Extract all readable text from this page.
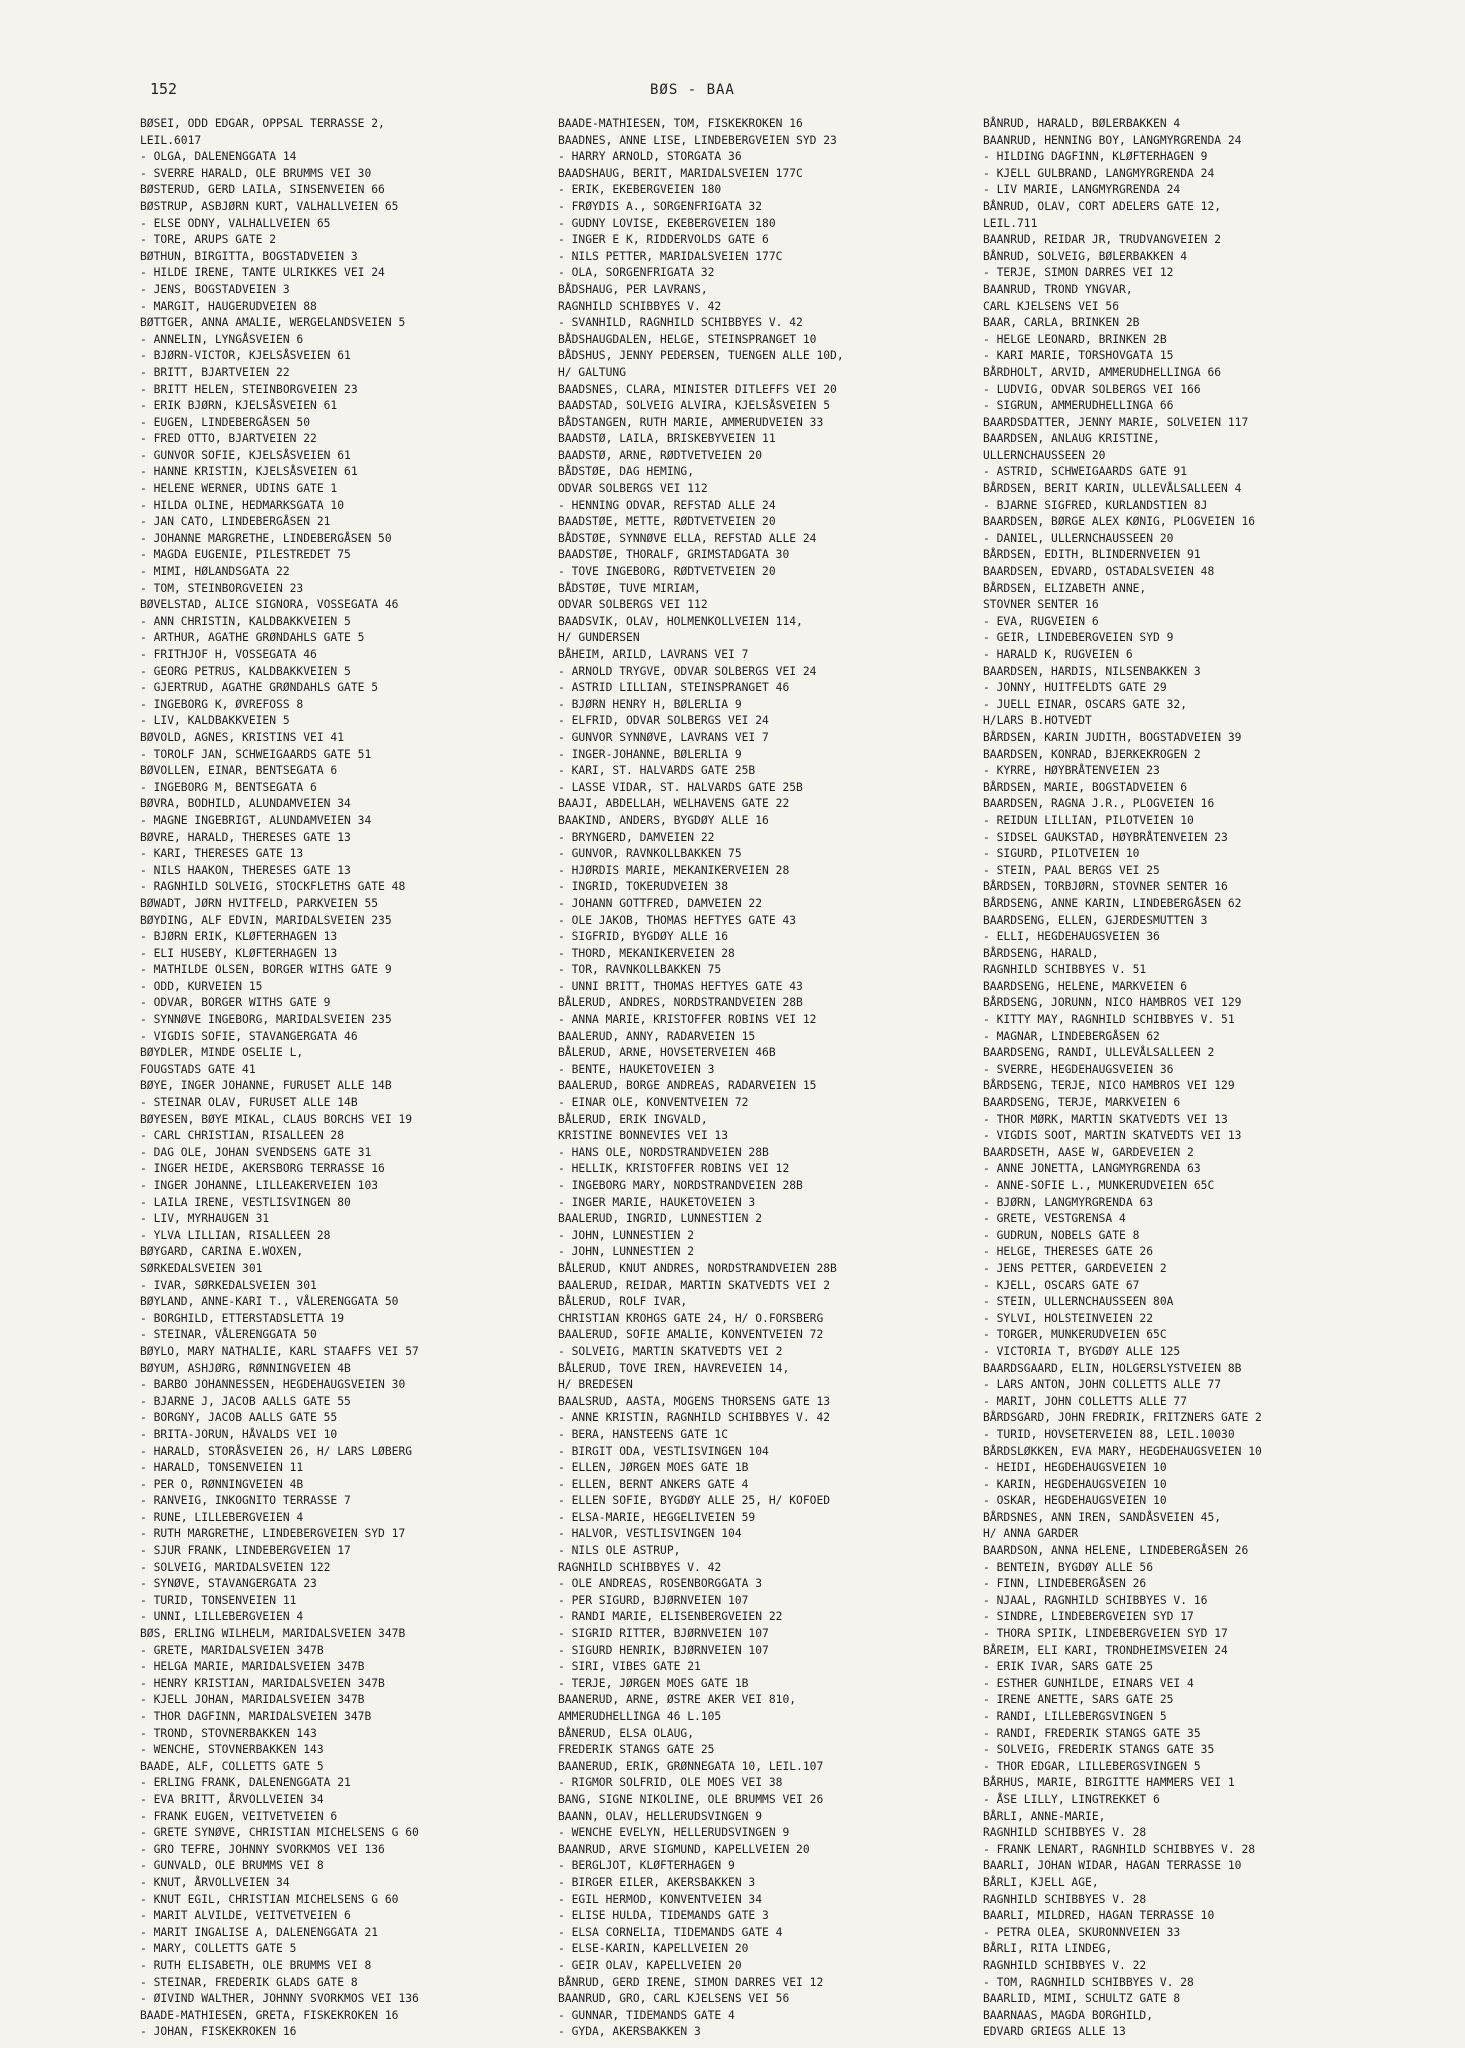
152	BØS - BAA
BØSEI, ODD EDGAR, OPPSAL TERRASSE 2,
LEIL.6017
- OLGA, DALENENGGATA 14
- SVERRE HARALD, OLE BRUMMS VEI 30
BØSTERUD, GERD LAILA, SINSENVEIEN 66
BØSTRUP, ASBJØRN KURT, VALHALLVEIEN 65
- ELSE ODNY, VALHALLVEIEN 65
- TORE, ARUPS GATE 2
BØTHUN, BIRGITTA, BOGSTADVEIEN 3
- HILDE IRENE, TANTE ULRIKKES VEI 24
- JENS, BOGSTADVEIEN 3
- MARGIT, HAUGERUDVEIEN 88
BØTTGER, ANNA AMALIE, WERGELANDSVEIEN 5
- ANNELIN, LYNGÅSVEIEN 6
- BJØRN-VICTOR, KJELSÅSVEIEN 61
- BRITT, BJARTVEIEN 22
- BRITT HELEN, STEINBORGVEIEN 23
- ERIK BJØRN, KJELSÅSVEIEN 61
- EUGEN, LINDEBERGÅSEN 50
- FRED OTTO, BJARTVEIEN 22
- GUNVOR SOFIE, KJELSÅSVEIEN 61
- HANNE KRISTIN, KJELSÅSVEIEN 61
- HELENE WERNER, UDINS GATE 1
- HILDA OLINE, HEDMARKSGATA 10
- JAN CATO, LINDEBERGÅSEN 21
- JOHANNE MARGRETHE, LINDEBERGÅSEN 50
- MAGDA EUGENIE, PILESTREDET 75
- MIMI, HØLANDSGATA 22
- TOM, STEINBORGVEIEN 23
BØVELSTAD, ALICE SIGNORA, VOSSEGATA 46
- ANN CHRISTIN, KALDBAKKVEIEN 5
- ARTHUR, AGATHE GRØNDAHLS GATE 5
- FRITHJOF H, VOSSEGATA 46
- GEORG PETRUS, KALDBAKKVEIEN 5
- GJERTRUD, AGATHE GRØNDAHLS GATE 5
- INGEBORG K, ØVREFOSS 8
- LIV, KALDBAKKVEIEN 5
BØVOLD, AGNES, KRISTINS VEI 41
- TOROLF JAN, SCHWEIGAARDS GATE 51
BØVOLLEN, EINAR, BENTSEGATA 6
- INGEBORG M, BENTSEGATA 6
BØVRA, BODHILD, ALUNDAMVEIEN 34
- MAGNE INGEBRIGT, ALUNDAMVEIEN 34
BØVRE, HARALD, THERESES GATE 13
- KARI, THERESES GATE 13
- NILS HAAKON, THERESES GATE 13
- RAGNHILD SOLVEIG, STOCKFLETHS GATE 48
BØWADT, JØRN HVITFELD, PARKVEIEN 55
BØYDING, ALF EDVIN, MARIDALSVEIEN 235
- BJØRN ERIK, KLØFTERHAGEN 13
- ELI HUSEBY, KLØFTERHAGEN 13
- MATHILDE OLSEN, BORGER WITHS GATE 9
- ODD, KURVEIEN 15
- ODVAR, BORGER WITHS GATE 9
- SYNNØVE INGEBORG, MARIDALSVEIEN 235
- VIGDIS SOFIE, STAVANGERGATA 46
BØYDLER, MINDE OSELIE L,
FOUGSTADS GATE 41
BØYE, INGER JOHANNE, FURUSET ALLE 14B
- STEINAR OLAV, FURUSET ALLE 14B
BØYESEN, BØYE MIKAL, CLAUS BORCHS VEI 19
- CARL CHRISTIAN, RISALLEEN 28
- DAG OLE, JOHAN SVENDSENS GATE 31
- INGER HEIDE, AKERSBORG TERRASSE 16
- INGER JOHANNE, LILLEAKERVEIEN 103
- LAILA IRENE, VESTLISVINGEN 80
- LIV, MYRHAUGEN 31
- YLVA LILLIAN, RISALLEEN 28
BØYGARD, CARINA E.WOXEN,
SØRKEDALSVEIEN 301
- IVAR, SØRKEDALSVEIEN 301
BØYLAND, ANNE-KARI T., VÅLERENGGATA 50
- BORGHILD, ETTERSTADSLETTA 19
- STEINAR, VÅLERENGGATA 50
BØYLO, MARY NATHALIE, KARL STAAFFS VEI 57
BØYUM, ASHJØRG, RØNNINGVEIEN 4B
- BARBO JOHANNESSEN, HEGDEHAUGSVEIEN 30
- BJARNE J, JACOB AALLS GATE 55
- BORGNY, JACOB AALLS GATE 55
- BRITA-JORUN, HÅVALDS VEI 10
- HARALD, STORÅSVEIEN 26, H/ LARS LØBERG
- HARALD, TONSENVEIEN 11
- PER O, RØNNINGVEIEN 4B
- RANVEIG, INKOGNITO TERRASSE 7
- RUNE, LILLEBERGVEIEN 4
- RUTH MARGRETHE, LINDEBERGVEIEN SYD 17
- SJUR FRANK, LINDEBERGVEIEN 17
- SOLVEIG, MARIDALSVEIEN 122
- SYNØVE, STAVANGERGATA 23
- TURID, TONSENVEIEN 11
- UNNI, LILLEBERGVEIEN 4
BØS, ERLING WILHELM, MARIDALSVEIEN 347B
- GRETE, MARIDALSVEIEN 347B
- HELGA MARIE, MARIDALSVEIEN 347B
- HENRY KRISTIAN, MARIDALSVEIEN 347B
- KJELL JOHAN, MARIDALSVEIEN 347B
- THOR DAGFINN, MARIDALSVEIEN 347B
- TROND, STOVNERBAKKEN 143
- WENCHE, STOVNERBAKKEN 143
BAADE, ALF, COLLETTS GATE 5
- ERLING FRANK, DALENENGGATA 21
- EVA BRITT, ÅRVOLLVEIEN 34
- FRANK EUGEN, VEITVETVEIEN 6
- GRETE SYNØVE, CHRISTIAN MICHELSENS G 60
- GRO TEFRE, JOHNNY SVORKMOS VEI 136
- GUNVALD, OLE BRUMMS VEI 8
- KNUT, ÅRVOLLVEIEN 34
- KNUT EGIL, CHRISTIAN MICHELSENS G 60
- MARIT ALVILDE, VEITVETVEIEN 6
- MARIT INGALISE A, DALENENGGATA 21
- MARY, COLLETTS GATE 5
- RUTH ELISABETH, OLE BRUMMS VEI 8
- STEINAR, FREDERIK GLADS GATE 8
- ØIVIND WALTHER, JOHNNY SVORKMOS VEI 136
BAADE-MATHIESEN, GRETA, FISKEKROKEN 16
- JOHAN, FISKEKROKEN 16
BAADE-MATHIESEN, TOM, FISKEKROKEN 16
BAADNES, ANNE LISE, LINDEBERGVEIEN SYD 23
- HARRY ARNOLD, STORGATA 36
BAADSHAUG, BERIT, MARIDALSVEIEN 177C
- ERIK, EKEBERGVEIEN 180
- FRØYDIS A., SORGENFRIGATA 32
- GUDNY LOVISE, EKEBERGVEIEN 180
- INGER E K, RIDDERVOLDS GATE 6
- NILS PETTER, MARIDALSVEIEN 177C
- OLA, SORGENFRIGATA 32
BÅDSHAUG, PER LAVRANS,
RAGNHILD SCHIBBYES V. 42
- SVANHILD, RAGNHILD SCHIBBYES V. 42
BÅDSHAUGDALEN, HELGE, STEINSPRANGET 10
BÅDSHUS, JENNY PEDERSEN, TUENGEN ALLE 10D,
H/ GALTUNG
BAADSNES, CLARA, MINISTER DITLEFFS VEI 20
BAADSTAD, SOLVEIG ALVIRA, KJELSÅSVEIEN 5
BÅDSTANGEN, RUTH MARIE, AMMERUDVEIEN 33
BAADSTØ, LAILA, BRISKEBYVEIEN 11
BAADSTØ, ARNE, RØDTVETVEIEN 20
BÅDSTØE, DAG HEMING,
ODVAR SOLBERGS VEI 112
- HENNING ODVAR, REFSTAD ALLE 24
BAADSTØE, METTE, RØDTVETVEIEN 20
BÅDSTØE, SYNNØVE ELLA, REFSTAD ALLE 24
BAADSTØE, THORALF, GRIMSTADGATA 30
- TOVE INGEBORG, RØDTVETVEIEN 20
BÅDSTØE, TUVE MIRIAM,
ODVAR SOLBERGS VEI 112
BAADSVIK, OLAV, HOLMENKOLLVEIEN 114,
H/ GUNDERSEN
BÅHEIM, ARILD, LAVRANS VEI 7
- ARNOLD TRYGVE, ODVAR SOLBERGS VEI 24
- ASTRID LILLIAN, STEINSPRANGET 46
- BJØRN HENRY H, BØLERLIA 9
- ELFRID, ODVAR SOLBERGS VEI 24
- GUNVOR SYNNØVE, LAVRANS VEI 7
- INGER-JOHANNE, BØLERLIA 9
- KARI, ST. HALVARDS GATE 25B
- LASSE VIDAR, ST. HALVARDS GATE 25B
BAAJI, ABDELLAH, WELHAVENS GATE 22
BAAKIND, ANDERS, BYGDØY ALLE 16
- BRYNGERD, DAMVEIEN 22
- GUNVOR, RAVNKOLLBAKKEN 75
- HJØRDIS MARIE, MEKANIKERVEIEN 28
- INGRID, TOKERUDVEIEN 38
- JOHANN GOTTFRED, DAMVEIEN 22
- OLE JAKOB, THOMAS HEFTYES GATE 43
- SIGFRID, BYGDØY ALLE 16
- THORD, MEKANIKERVEIEN 28
- TOR, RAVNKOLLBAKKEN 75
- UNNI BRITT, THOMAS HEFTYES GATE 43
BÅLERUD, ANDRES, NORDSTRANDVEIEN 28B
- ANNA MARIE, KRISTOFFER ROBINS VEI 12
BAALERUD, ANNY, RADARVEIEN 15
BÅLERUD, ARNE, HOVSETERVEIEN 46B
- BENTE, HAUKETOVEIEN 3
BAALERUD, BORGE ANDREAS, RADARVEIEN 15
- EINAR OLE, KONVENTVEIEN 72
BÅLERUD, ERIK INGVALD,
KRISTINE BONNEVIES VEI 13
- HANS OLE, NORDSTRANDVEIEN 28B
- HELLIK, KRISTOFFER ROBINS VEI 12
- INGEBORG MARY, NORDSTRANDVEIEN 28B
- INGER MARIE, HAUKETOVEIEN 3
BAALERUD, INGRID, LUNNESTIEN 2
- JOHN, LUNNESTIEN 2
- JOHN, LUNNESTIEN 2
BÅLERUD, KNUT ANDRES, NORDSTRANDVEIEN 28B
BAALERUD, REIDAR, MARTIN SKATVEDTS VEI 2
BÅLERUD, ROLF IVAR,
CHRISTIAN KROHGS GATE 24, H/ O.FORSBERG
BAALERUD, SOFIE AMALIE, KONVENTVEIEN 72
- SOLVEIG, MARTIN SKATVEDTS VEI 2
BÅLERUD, TOVE IREN, HAVREVEIEN 14,
H/ BREDESEN
BAALSRUD, AASTA, MOGENS THORSENS GATE 13
- ANNE KRISTIN, RAGNHILD SCHIBBYES V. 42
- BERA, HANSTEENS GATE 1C
- BIRGIT ODA, VESTLISVINGEN 104
- ELLEN, JØRGEN MOES GATE 1B
- ELLEN, BERNT ANKERS GATE 4
- ELLEN SOFIE, BYGDØY ALLE 25, H/ KOFOED
- ELSA-MARIE, HEGGELIVEIEN 59
- HALVOR, VESTLISVINGEN 104
- NILS OLE ASTRUP,
RAGNHILD SCHIBBYES V. 42
- OLE ANDREAS, ROSENBORGGATA 3
- PER SIGURD, BJØRNVEIEN 107
- RANDI MARIE, ELISENBERGVEIEN 22
- SIGRID RITTER, BJØRNVEIEN 107
- SIGURD HENRIK, BJØRNVEIEN 107
- SIRI, VIBES GATE 21
- TERJE, JØRGEN MOES GATE 1B
BAANERUD, ARNE, ØSTRE AKER VEI 810,
AMMERUDHELLINGA 46 L.105
BÅNERUD, ELSA OLAUG,
FREDERIK STANGS GATE 25
BAANERUD, ERIK, GRØNNEGATA 10, LEIL.107
- RIGMOR SOLFRID, OLE MOES VEI 38
BANG, SIGNE NIKOLINE, OLE BRUMMS VEI 26
BAANN, OLAV, HELLERUDSVINGEN 9
- WENCHE EVELYN, HELLERUDSVINGEN 9
BAANRUD, ARVE SIGMUND, KAPELLVEIEN 20
- BERGLJOT, KLØFTERHAGEN 9
- BIRGER EILER, AKERSBAKKEN 3
- EGIL HERMOD, KONVENTVEIEN 34
- ELISE HULDA, TIDEMANDS GATE 3
- ELSA CORNELIA, TIDEMANDS GATE 4
- ELSE-KARIN, KAPELLVEIEN 20
- GEIR OLAV, KAPELLVEIEN 20
BÅNRUD, GERD IRENE, SIMON DARRES VEI 12
BAANRUD, GRO, CARL KJELSENS VEI 56
- GUNNAR, TIDEMANDS GATE 4
- GYDA, AKERSBAKKEN 3
BÅNRUD, HARALD, BØLERBAKKEN 4
BAANRUD, HENNING BOY, LANGMYRGRENDA 24
- HILDING DAGFINN, KLØFTERHAGEN 9
- KJELL GULBRAND, LANGMYRGRENDA 24
- LIV MARIE, LANGMYRGRENDA 24
BÅNRUD, OLAV, CORT ADELERS GATE 12,
LEIL.711
BAANRUD, REIDAR JR, TRUDVANGVEIEN 2
BÅNRUD, SOLVEIG, BØLERBAKKEN 4
- TERJE, SIMON DARRES VEI 12
BAANRUD, TROND YNGVAR,
CARL KJELSENS VEI 56
BAAR, CARLA, BRINKEN 2B
- HELGE LEONARD, BRINKEN 2B
- KARI MARIE, TORSHOVGATA 15
BÅRDHOLT, ARVID, AMMERUDHELLINGA 66
- LUDVIG, ODVAR SOLBERGS VEI 166
- SIGRUN, AMMERUDHELLINGA 66
BAARDSDATTER, JENNY MARIE, SOLVEIEN 117
BAARDSEN, ANLAUG KRISTINE,
ULLERNCHAUSSEEN 20
- ASTRID, SCHWEIGAARDS GATE 91
BÅRDSEN, BERIT KARIN, ULLEVÅLSALLEEN 4
- BJARNE SIGFRED, KURLANDSTIEN 8J
BAARDSEN, BØRGE ALEX KØNIG, PLOGVEIEN 16
- DANIEL, ULLERNCHAUSSEEN 20
BÅRDSEN, EDITH, BLINDERNVEIEN 91
BAARDSEN, EDVARD, OSTADALSVEIEN 48
BÅRDSEN, ELIZABETH ANNE,
STOVNER SENTER 16
- EVA, RUGVEIEN 6
- GEIR, LINDEBERGVEIEN SYD 9
- HARALD K, RUGVEIEN 6
BAARDSEN, HARDIS, NILSENBAKKEN 3
- JONNY, HUITFELDTS GATE 29
- JUELL EINAR, OSCARS GATE 32,
H/LARS B.HOTVEDT
BÅRDSEN, KARIN JUDITH, BOGSTADVEIEN 39
BAARDSEN, KONRAD, BJERKEKROGEN 2
- KYRRE, HØYBRÅTENVEIEN 23
BÅRDSEN, MARIE, BOGSTADVEIEN 6
BAARDSEN, RAGNA J.R., PLOGVEIEN 16
- REIDUN LILLIAN, PILOTVEIEN 10
- SIDSEL GAUKSTAD, HØYBRÅTENVEIEN 23
- SIGURD, PILOTVEIEN 10
- STEIN, PAAL BERGS VEI 25
BÅRDSEN, TORBJØRN, STOVNER SENTER 16
BÅRDSENG, ANNE KARIN, LINDEBERGÅSEN 62
BAARDSENG, ELLEN, GJERDESMUTTEN 3
- ELLI, HEGDEHAUGSVEIEN 36
BÅRDSENG, HARALD,
RAGNHILD SCHIBBYES V. 51
BAARDSENG, HELENE, MARKVEIEN 6
BÅRDSENG, JORUNN, NICO HAMBROS VEI 129
- KITTY MAY, RAGNHILD SCHIBBYES V. 51
- MAGNAR, LINDEBERGÅSEN 62
BAARDSENG, RANDI, ULLEVÅLSALLEEN 2
- SVERRE, HEGDEHAUGSVEIEN 36
BÅRDSENG, TERJE, NICO HAMBROS VEI 129
BAARDSENG, TERJE, MARKVEIEN 6
- THOR MØRK, MARTIN SKATVEDTS VEI 13
- VIGDIS SOOT, MARTIN SKATVEDTS VEI 13
BAARDSETH, AASE W, GARDEVEIEN 2
- ANNE JONETTA, LANGMYRGRENDA 63
- ANNE-SOFIE L., MUNKERUDVEIEN 65C
- BJØRN, LANGMYRGRENDA 63
- GRETE, VESTGRENSA 4
- GUDRUN, NOBELS GATE 8
- HELGE, THERESES GATE 26
- JENS PETTER, GARDEVEIEN 2
- KJELL, OSCARS GATE 67
- STEIN, ULLERNCHAUSSEEN 80A
- SYLVI, HOLSTEINVEIEN 22
- TORGER, MUNKERUDVEIEN 65C
- VICTORIA T, BYGDØY ALLE 125
BAARDSGAARD, ELIN, HOLGERSLYSTVEIEN 8B
- LARS ANTON, JOHN COLLETTS ALLE 77
- MARIT, JOHN COLLETTS ALLE 77
BÅRDSGARD, JOHN FREDRIK, FRITZNERS GATE 2
- TURID, HOVSETERVEIEN 88, LEIL.10030
BÅRDSLØKKEN, EVA MARY, HEGDEHAUGSVEIEN 10
- HEIDI, HEGDEHAUGSVEIEN 10
- KARIN, HEGDEHAUGSVEIEN 10
- OSKAR, HEGDEHAUGSVEIEN 10
BÅRDSNES, ANN IREN, SANDÅSVEIEN 45,
H/ ANNA GARDER
BAARDSON, ANNA HELENE, LINDEBERGÅSEN 26
- BENTEIN, BYGDØY ALLE 56
- FINN, LINDEBERGÅSEN 26
- NJAAL, RAGNHILD SCHIBBYES V. 16
- SINDRE, LINDEBERGVEIEN SYD 17
- THORA SPIIK, LINDEBERGVEIEN SYD 17
BÅREIM, ELI KARI, TRONDHEIMSVEIEN 24
- ERIK IVAR, SARS GATE 25
- ESTHER GUNHILDE, EINARS VEI 4
- IRENE ANETTE, SARS GATE 25
- RANDI, LILLEBERGSVINGEN 5
- RANDI, FREDERIK STANGS GATE 35
- SOLVEIG, FREDERIK STANGS GATE 35
- THOR EDGAR, LILLEBERGSVINGEN 5
BÅRHUS, MARIE, BIRGITTE HAMMERS VEI 1
- ÅSE LILLY, LINGTREKKET 6
BÅRLI, ANNE-MARIE,
RAGNHILD SCHIBBYES V. 28
- FRANK LENART, RAGNHILD SCHIBBYES V. 28
BAARLI, JOHAN WIDAR, HAGAN TERRASSE 10
BÅRLI, KJELL AGE,
RAGNHILD SCHIBBYES V. 28
BAARLI, MILDRED, HAGAN TERRASSE 10
- PETRA OLEA, SKURONNVEIEN 33
BÅRLI, RITA LINDEG,
RAGNHILD SCHIBBYES V. 22
- TOM, RAGNHILD SCHIBBYES V. 28
BAARLID, MIMI, SCHULTZ GATE 8
BAARNAAS, MAGDA BORGHILD,
EDVARD GRIEGS ALLE 13
